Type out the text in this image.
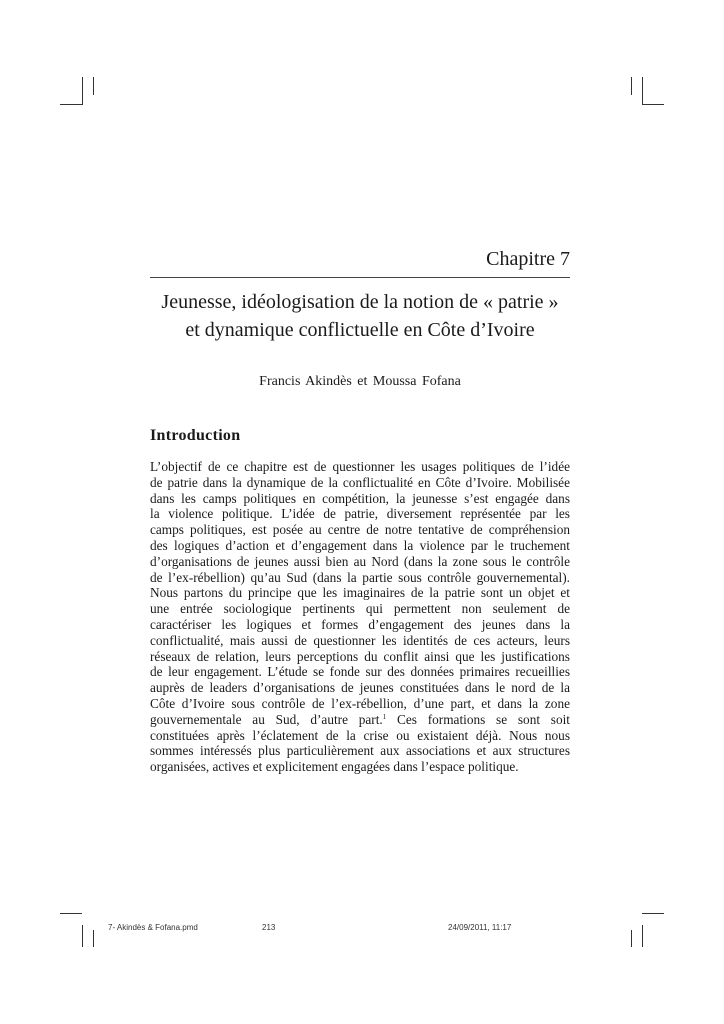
Chapitre 7
Jeunesse, idéologisation de la notion de « patrie »
et dynamique conflictuelle en Côte d’Ivoire
Francis Akindès et Moussa Fofana
Introduction
L’objectif de ce chapitre est de questionner les usages politiques de l’idée
de patrie dans la dynamique de la conflictualité en Côte d’Ivoire. Mobilisée
dans les camps politiques en compétition, la jeunesse s’est engagée dans
la violence politique. L’idée de patrie, diversement représentée par les
camps politiques, est posée au centre de notre tentative de compréhension
des logiques d’action et d’engagement dans la violence par le truchement
d’organisations de jeunes aussi bien au Nord (dans la zone sous le contrôle
de l’ex-rébellion) qu’au Sud (dans la partie sous contrôle gouvernemental).
Nous partons du principe que les imaginaires de la patrie sont un objet et
une entrée sociologique pertinents qui permettent non seulement de
caractériser les logiques et formes d’engagement des jeunes dans la
conflictualité, mais aussi de questionner les identités de ces acteurs, leurs
réseaux de relation, leurs perceptions du conflit ainsi que les justifications
de leur engagement. L’étude se fonde sur des données primaires recueillies
auprès de leaders d’organisations de jeunes constituées dans le nord de la
Côte d’Ivoire sous contrôle de l’ex-rébellion, d’une part, et dans la zone
gouvernementale au Sud, d’autre part.$^1$ Ces formations se sont soit
constituées après l’éclatement de la crise ou existaient déjà. Nous nous
sommes intéressés plus particulièrement aux associations et aux structures
organisées, actives et explicitement engagées dans l’espace politique.
7- Akindès & Fofana.pmd	213	24/09/2011, 11:17
